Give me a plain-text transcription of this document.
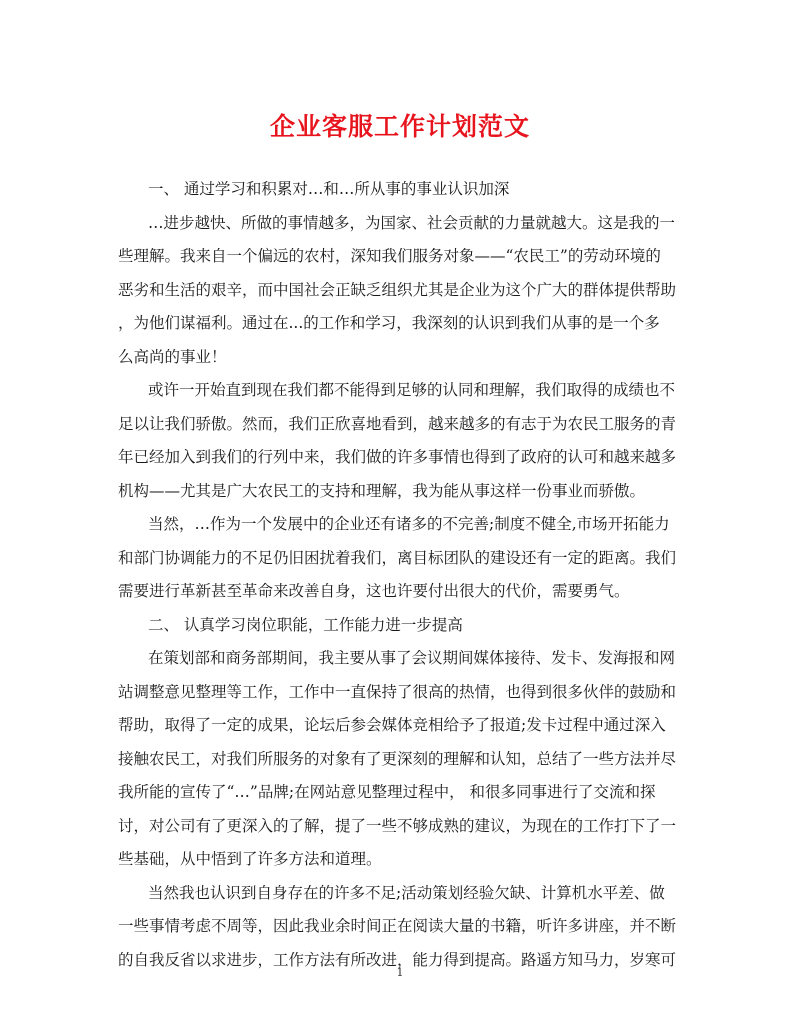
企业客服工作计划范文
一、 通过学习和积累对…和…所从事的事业认识加深
…进步越快、所做的事情越多，为国家、社会贡献的力量就越大。这是我的一
些理解。我来自一个偏远的农村，深知我们服务对象——“农民工”的劳动环境的
恶劣和生活的艰辛，而中国社会正缺乏组织尤其是企业为这个广大的群体提供帮助
，为他们谋福利。通过在...的工作和学习，我深刻的认识到我们从事的是一个多
么高尚的事业！
或许一开始直到现在我们都不能得到足够的认同和理解，我们取得的成绩也不
足以让我们骄傲。然而，我们正欣喜地看到，越来越多的有志于为农民工服务的青
年已经加入到我们的行列中来，我们做的许多事情也得到了政府的认可和越来越多
机构——尤其是广大农民工的支持和理解，我为能从事这样一份事业而骄傲。
当然，…作为一个发展中的企业还有诸多的不完善;制度不健全,市场开拓能力
和部门协调能力的不足仍旧困扰着我们，离目标团队的建设还有一定的距离。我们
需要进行革新甚至革命来改善自身，这也许要付出很大的代价，需要勇气。
二、 认真学习岗位职能，工作能力进一步提高
在策划部和商务部期间，我主要从事了会议期间媒体接待、发卡、发海报和网
站调整意见整理等工作，工作中一直保持了很高的热情，也得到很多伙伴的鼓励和
帮助，取得了一定的成果，论坛后参会媒体竞相给予了报道;发卡过程中通过深入
接触农民工，对我们所服务的对象有了更深刻的理解和认知，总结了一些方法并尽
我所能的宣传了“…”品牌;在网站意见整理过程中， 和很多同事进行了交流和探
讨，对公司有了更深入的了解，提了一些不够成熟的建议，为现在的工作打下了一
些基础，从中悟到了许多方法和道理。
当然我也认识到自身存在的许多不足;活动策划经验欠缺、计算机水平差、做
一些事情考虑不周等，因此我业余时间正在阅读大量的书籍，听许多讲座，并不断
的自我反省以求进步，工作方法有所改进，能力得到提高。路遥方知马力，岁寒可
1
